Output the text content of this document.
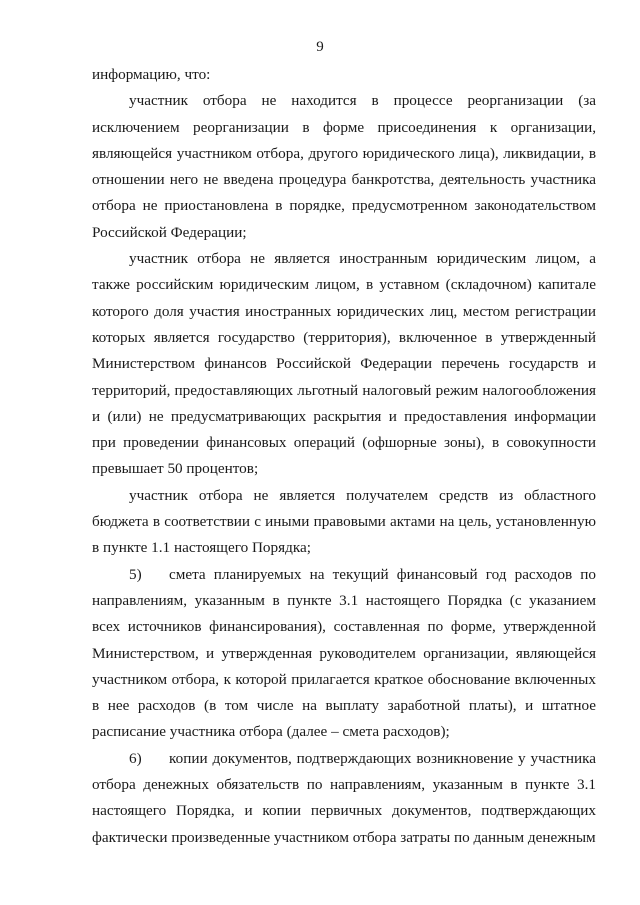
9

информацию, что:

участник отбора не находится в процессе реорганизации (за исключением реорганизации в форме присоединения к организации, являющейся участником отбора, другого юридического лица), ликвидации, в отношении него не введена процедура банкротства, деятельность участника отбора не приостановлена в порядке, предусмотренном законодательством Российской Федерации;

участник отбора не является иностранным юридическим лицом, а также российским юридическим лицом, в уставном (складочном) капитале которого доля участия иностранных юридических лиц, местом регистрации которых является государство (территория), включенное в утвержденный Министерством финансов Российской Федерации перечень государств и территорий, предоставляющих льготный налоговый режим налогообложения и (или) не предусматривающих раскрытия и предоставления информации при проведении финансовых операций (офшорные зоны), в совокупности превышает 50 процентов;

участник отбора не является получателем средств из областного бюджета в соответствии с иными правовыми актами на цель, установленную в пункте 1.1 настоящего Порядка;

5) смета планируемых на текущий финансовый год расходов по направлениям, указанным в пункте 3.1 настоящего Порядка (с указанием всех источников финансирования), составленная по форме, утвержденной Министерством, и утвержденная руководителем организации, являющейся участником отбора, к которой прилагается краткое обоснование включенных в нее расходов (в том числе на выплату заработной платы), и штатное расписание участника отбора (далее – смета расходов);

6) копии документов, подтверждающих возникновение у участника отбора денежных обязательств по направлениям, указанным в пункте 3.1 настоящего Порядка, и копии первичных документов, подтверждающих фактически произведенные участником отбора затраты по данным денежным
